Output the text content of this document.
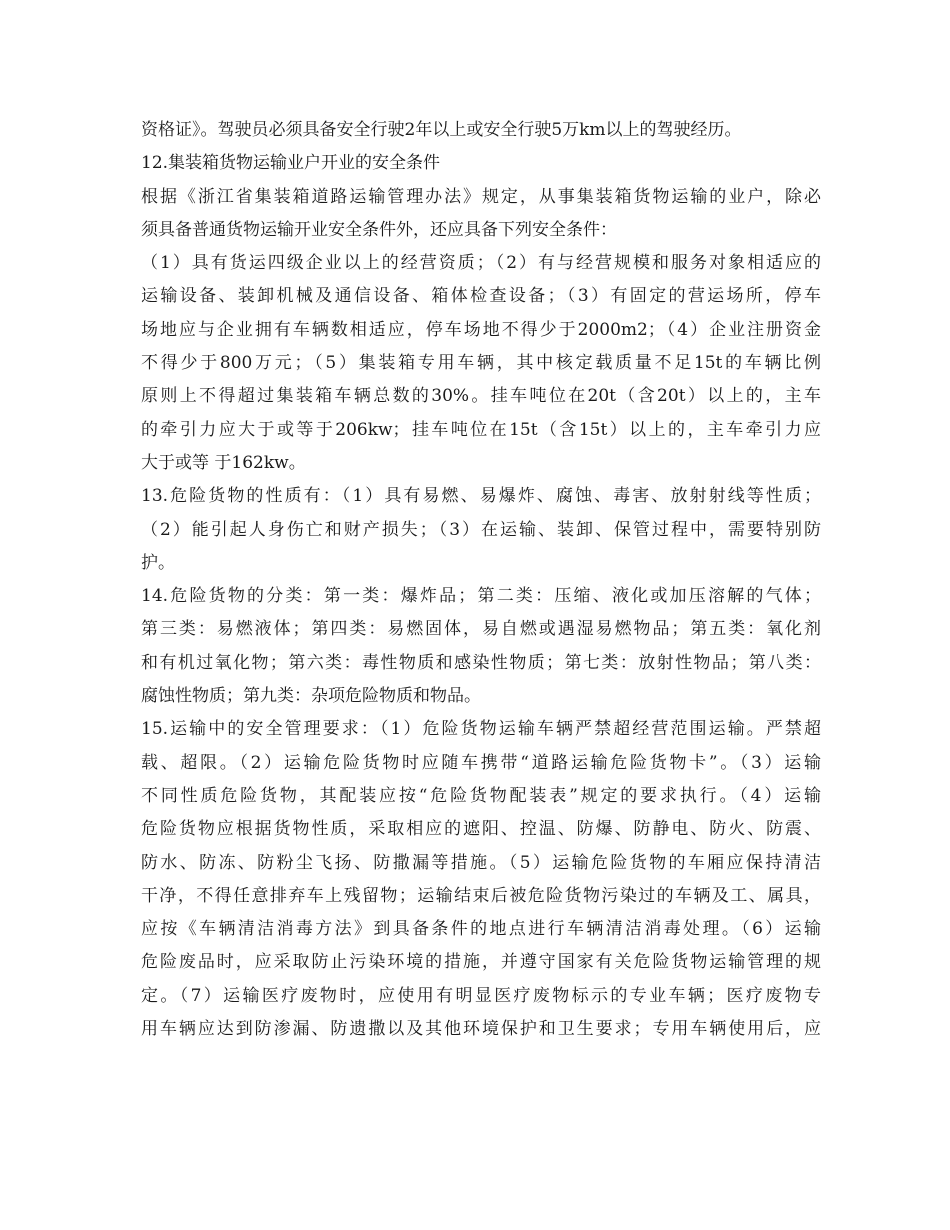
资格证》。驾驶员必须具备安全行驶2年以上或安全行驶5万km以上的驾驶经历。
12.集装箱货物运输业户开业的安全条件
根据《浙江省集装箱道路运输管理办法》规定，从事集装箱货物运输的业户，除必
须具备普通货物运输开业安全条件外，还应具备下列安全条件：
（1）具有货运四级企业以上的经营资质；（2）有与经营规模和服务对象相适应的
运输设备、装卸机械及通信设备、箱体检查设备；（3）有固定的营运场所，停车
场地应与企业拥有车辆数相适应，停车场地不得少于2000m2；（4）企业注册资金
不得少于800万元；（5）集装箱专用车辆，其中核定载质量不足15t的车辆比例
原则上不得超过集装箱车辆总数的30%。挂车吨位在20t（含20t）以上的，主车
的牵引力应大于或等于206kw；挂车吨位在15t（含15t）以上的，主车牵引力应
大于或等 于162kw。
13.危险货物的性质有：（1）具有易燃、易爆炸、腐蚀、毒害、放射射线等性质；
（2）能引起人身伤亡和财产损失；（3）在运输、装卸、保管过程中，需要特别防
护。
14.危险货物的分类：第一类：爆炸品；第二类：压缩、液化或加压溶解的气体；
第三类：易燃液体；第四类：易燃固体，易自燃或遇湿易燃物品；第五类：氧化剂
和有机过氧化物；第六类：毒性物质和感染性物质；第七类：放射性物品；第八类：
腐蚀性物质；第九类：杂项危险物质和物品。
15.运输中的安全管理要求：（1）危险货物运输车辆严禁超经营范围运输。严禁超
载、超限。（2）运输危险货物时应随车携带“道路运输危险货物卡”。（3）运输
不同性质危险货物，其配装应按“危险货物配装表”规定的要求执行。（4）运输
危险货物应根据货物性质，采取相应的遮阳、控温、防爆、防静电、防火、防震、
防水、防冻、防粉尘飞扬、防撒漏等措施。（5）运输危险货物的车厢应保持清洁
干净，不得任意排弃车上残留物；运输结束后被危险货物污染过的车辆及工、属具，
应按《车辆清洁消毒方法》到具备条件的地点进行车辆清洁消毒处理。（6）运输
危险废品时，应采取防止污染环境的措施，并遵守国家有关危险货物运输管理的规
定。（7）运输医疗废物时，应使用有明显医疗废物标示的专业车辆；医疗废物专
用车辆应达到防渗漏、防遗撒以及其他环境保护和卫生要求；专用车辆使用后，应
